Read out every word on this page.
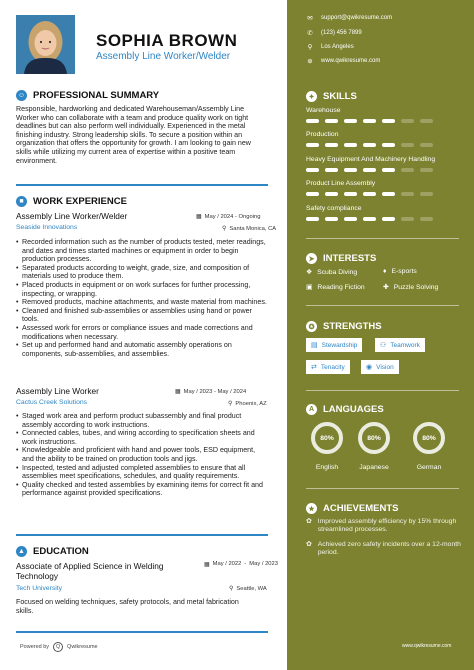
SOPHIA BROWN
Assembly Line Worker/Welder
☺ PROFESSIONAL SUMMARY
Responsible, hardworking and dedicated Warehouseman/Assembly Line Worker who can collaborate with a team and produce quality work on tight deadlines but can also perform well individually. Experienced in the metal finishing industry. Strong leadership skills. To secure a position within an organization that offers the opportunity for growth. I am looking to gain new skills while utilizing my current area of expertise within a positive team environment.
■ WORK EXPERIENCE
Assembly Line Worker/Welder	▦ May / 2024 - Ongoing
Seaside Innovations	⚲ Santa Monica, CA
• Recorded information such as the number of products tested, meter readings, and dates and times started machines or equipment in order to begin production processes.
• Separated products according to weight, grade, size, and composition of materials used to produce them.
• Placed products in equipment or on work surfaces for further processing, inspecting, or wrapping.
• Removed products, machine attachments, and waste material from machines.
• Cleaned and finished sub-assemblies or assemblies using hand or power tools.
• Assessed work for errors or compliance issues and made corrections and modifications when necessary.
• Set up and performed hand and automatic assembly operations on components, sub-assemblies, and assemblies.
Assembly Line Worker	▦ May / 2023 - May / 2024
Cactus Creek Solutions	⚲ Phoenix, AZ
• Staged work area and perform product subassembly and final product assembly according to work instructions.
• Connected cables, tubes, and wiring according to specification sheets and work instructions.
• Knowledgeable and proficient with hand and power tools, ESD equipment, and the ability to be trained on production tools and jigs.
• Inspected, tested and adjusted completed assemblies to ensure that all assemblies meet specifications, schedules, and quality requirements.
• Quality checked and tested assemblies by examining items for correct fit and performance against provided specifications.
▲ EDUCATION
Associate of Applied Science in Welding Technology
▦ May / 2022 - May / 2023
Tech University	⚲ Seattle, WA
Focused on welding techniques, safety protocols, and metal fabrication skills.
Powered by	Q	Qwikresume
✉ support@qwikresume.com
✆ (123) 456 7899
⚲ Los Angeles
⊕ www.qwikresume.com
✦ SKILLS
Warehouse
Production
Heavy Equipment And Machinery Handling
Product Line Assembly
Safety compliance
➤ INTERESTS
❖ Scuba Diving	♦ E-sports
▣ Reading Fiction	✚ Puzzle Solving
✪ STRENGTHS
▤ Stewardship	⚇ Teamwork
⇄ Tenacity	◉ Vision
A LANGUAGES
80%	80%	80%
English	Japanese	German
★ ACHIEVEMENTS
✿ Improved assembly efficiency by 15% through streamlined processes.
✿ Achieved zero safety incidents over a 12-month period.
www.qwikresume.com
